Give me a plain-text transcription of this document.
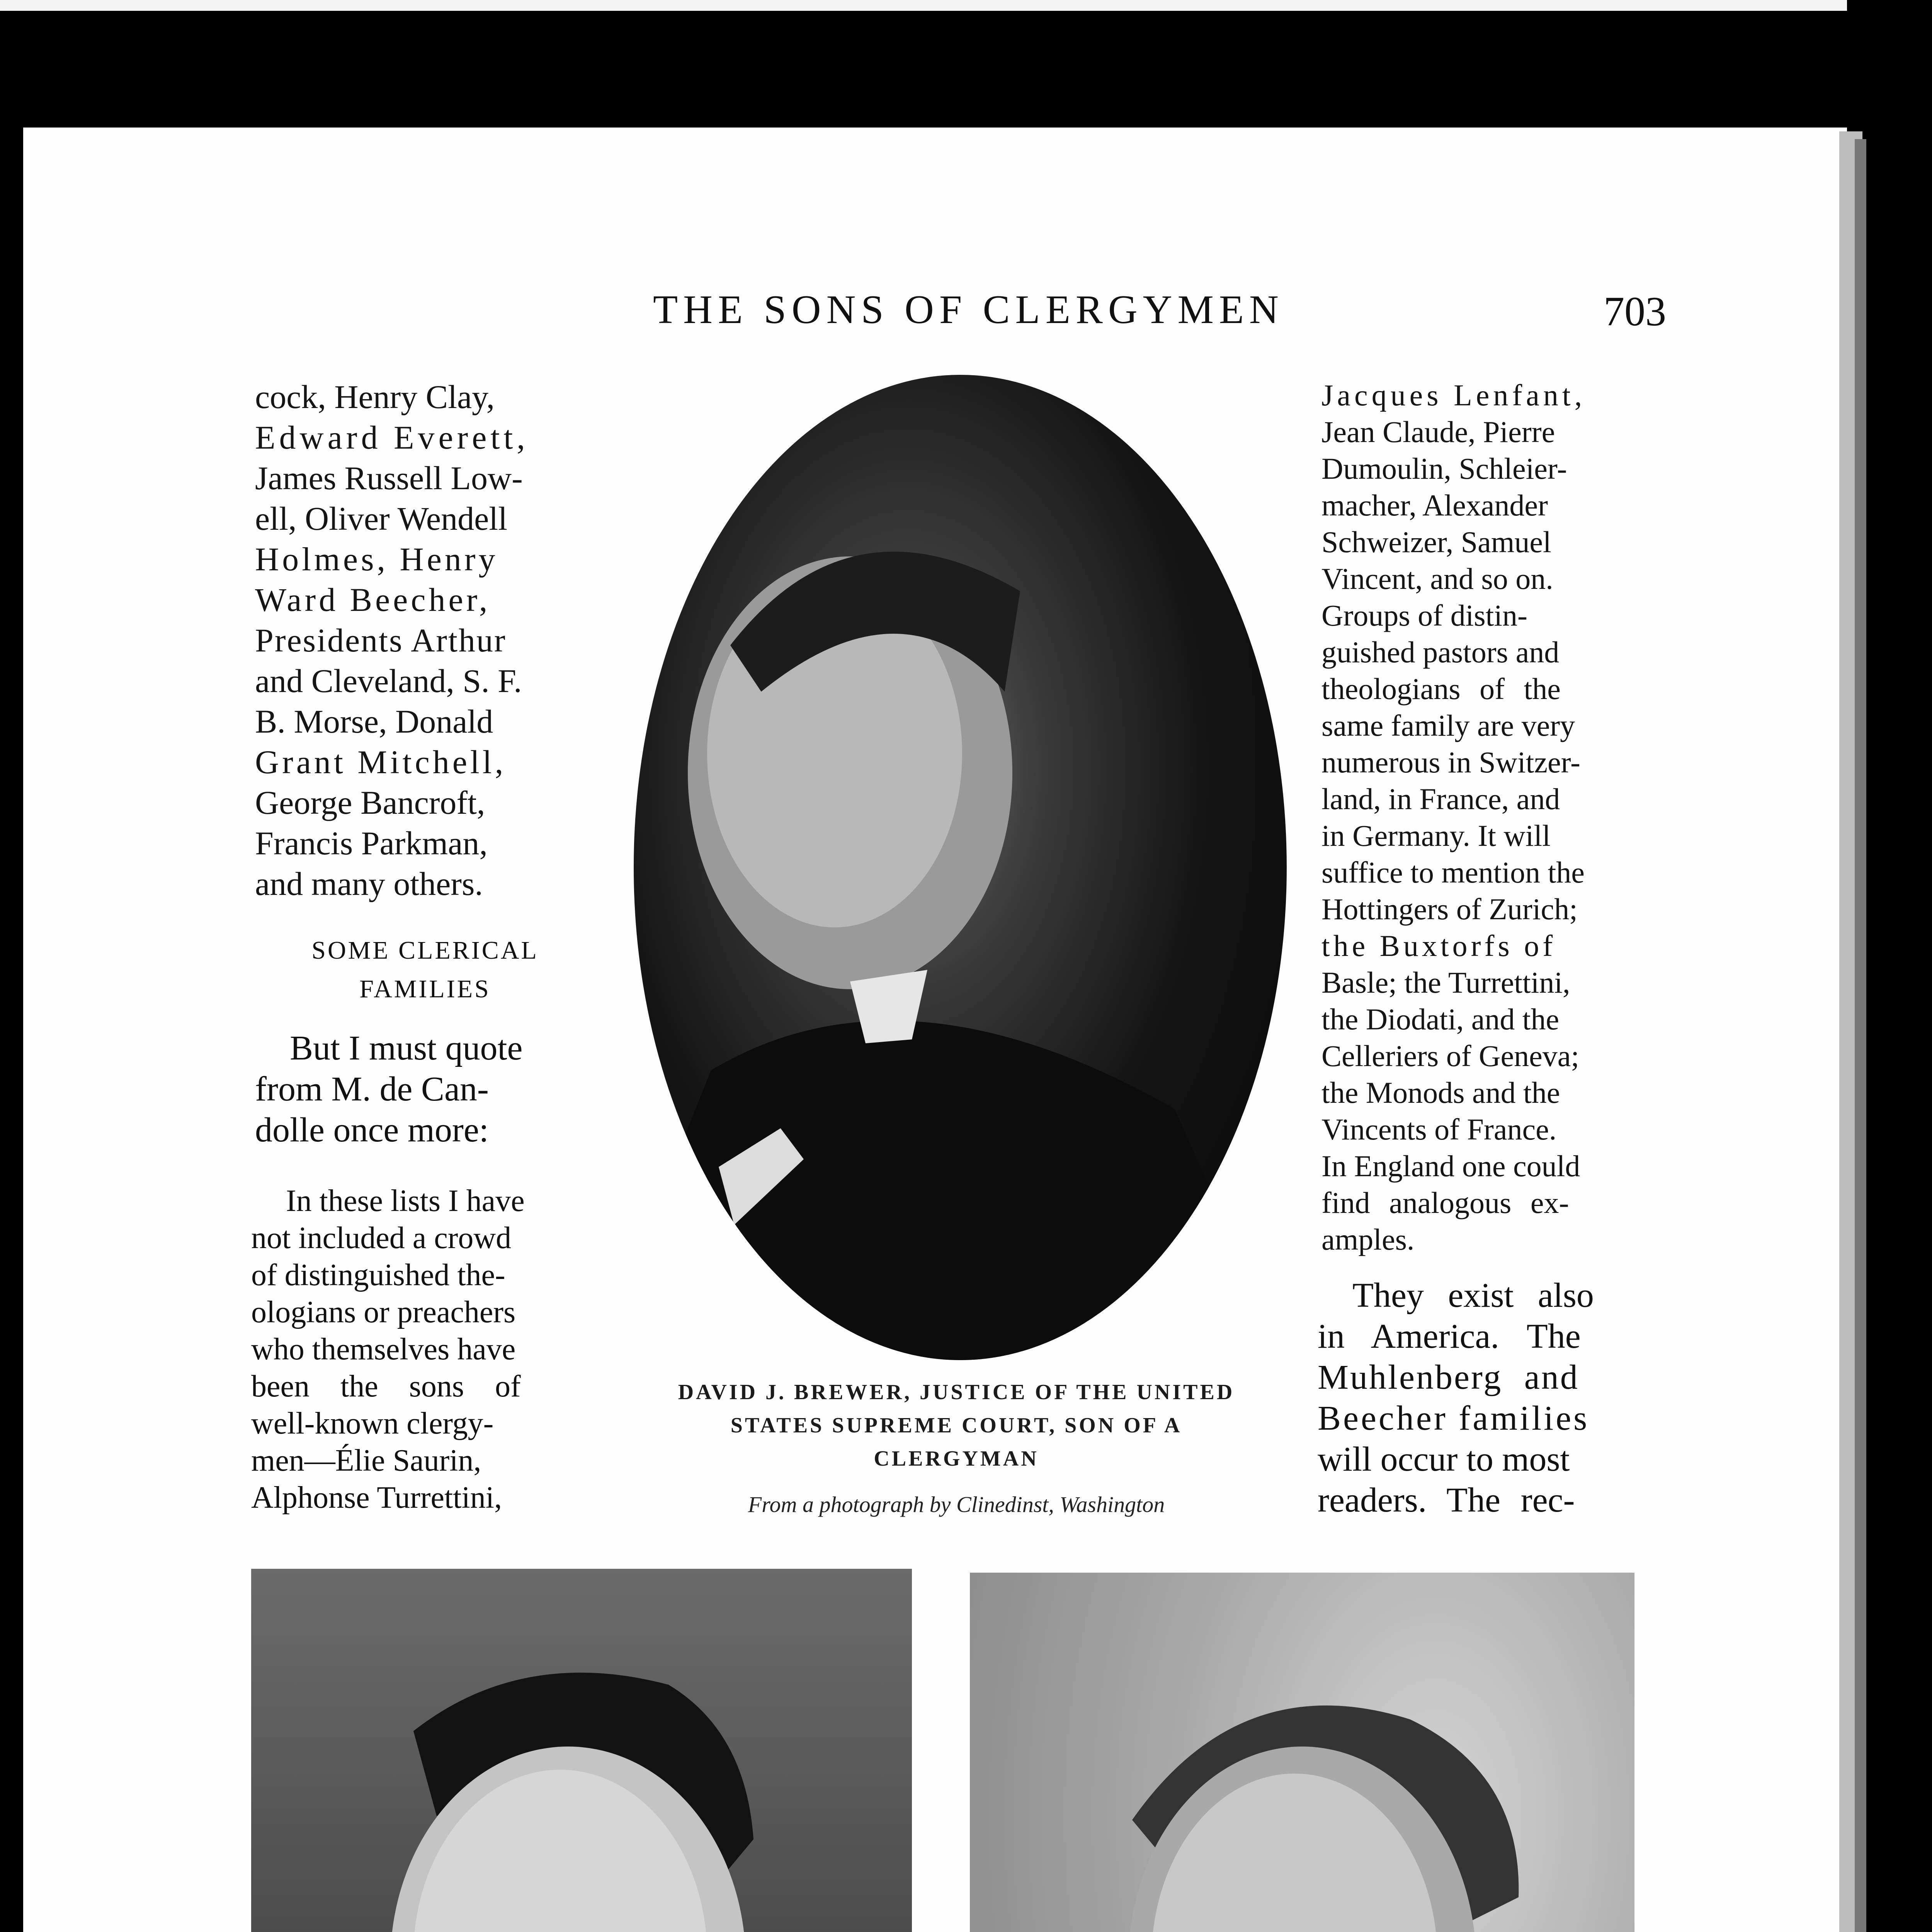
THE SONS OF CLERGYMEN	703

cock, Henry Clay,

Edward Everett,

James Russell Low-

ell, Oliver Wendell

Holmes, Henry

Ward Beecher,

Presidents Arthur

and Cleveland, S. F.

B. Morse, Donald

Grant Mitchell,

George Bancroft,

Francis Parkman,

and many others.

SOME CLERICAL
FAMILIES
But I must quote
from M. de Can-
dolle once more:
In these lists I have
not included a crowd
of distinguished the-
ologians or preachers
who themselves have
been the sons of
well-known clergy-
men—Élie Saurin,
Alphonse Turrettini,

Jacques Lenfant,

Jean Claude, Pierre

Dumoulin, Schleier-

macher, Alexander

Schweizer, Samuel

Vincent, and so on.

Groups of distin-

guished pastors and

theologians of the

same family are very

numerous in Switzer-

land, in France, and

in Germany. It will

suffice to mention the

Hottingers of Zurich;

the Buxtorfs of

Basle; the Turrettini,

the Diodati, and the

Celleriers of Geneva;

the Monods and the

Vincents of France.

In England one could

find analogous ex-

amples.

They exist also
in America. The
Muhlenberg and
Beecher families
will occur to most
readers. The rec-
DAVID J. BREWER, JUSTICE OF THE UNITED
STATES SUPREME COURT, SON OF A
CLERGYMAN
From a photograph by Clinedinst, Washington
